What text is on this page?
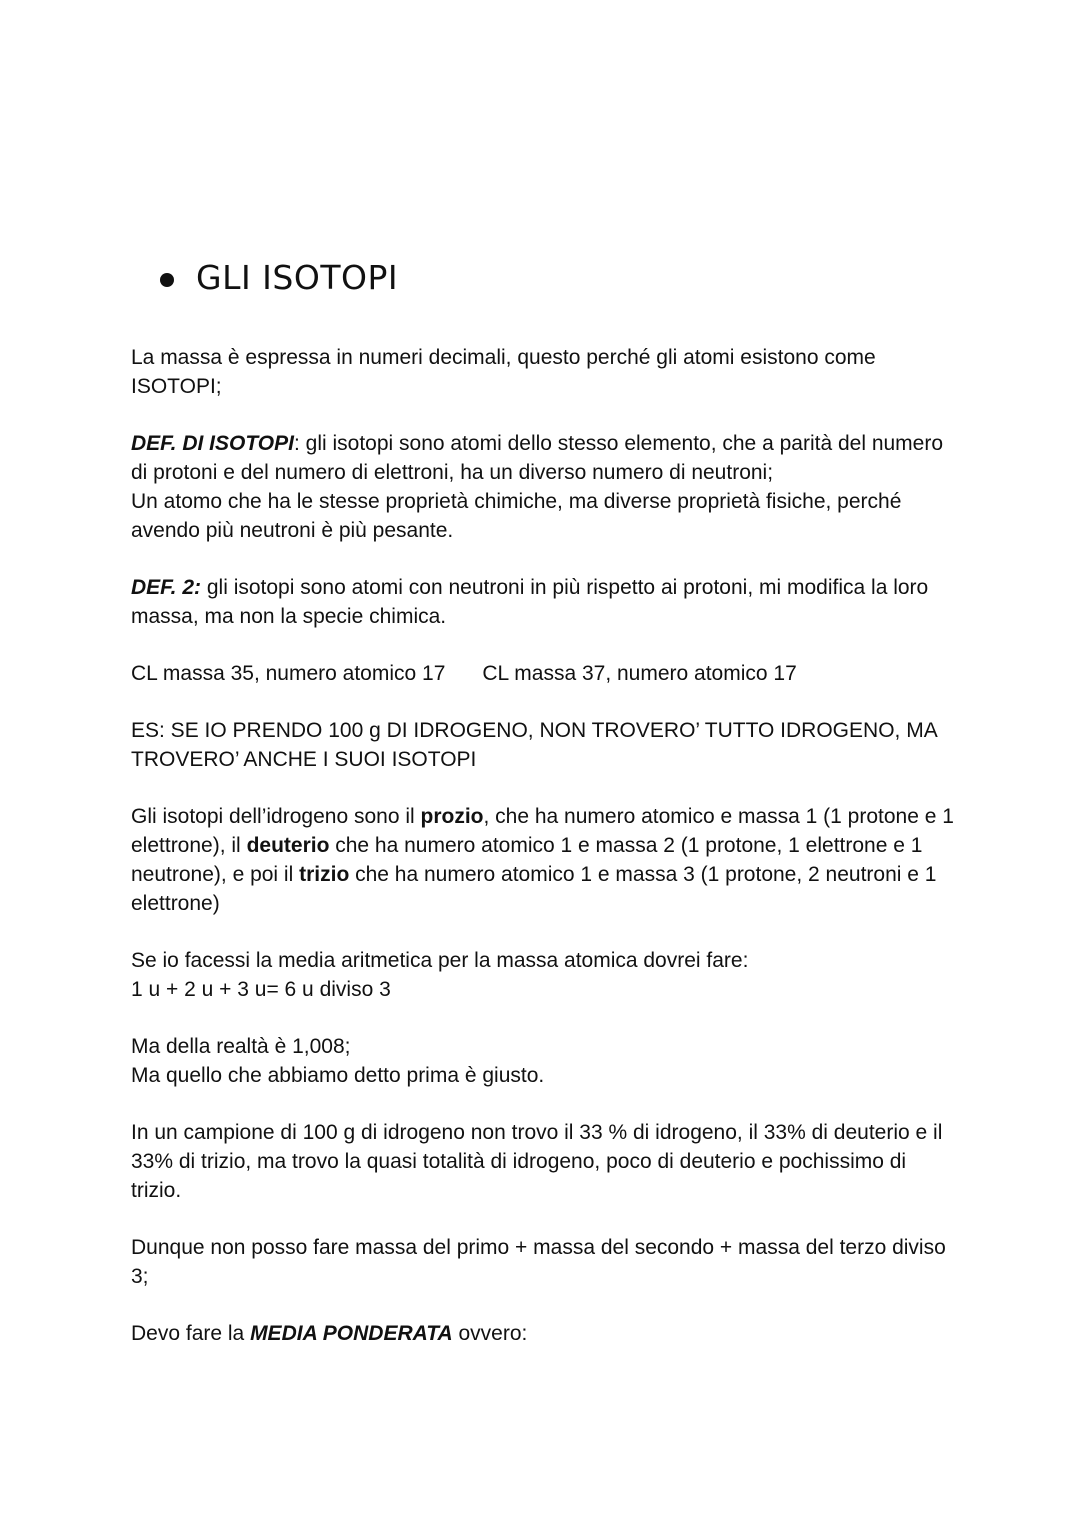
GLI ISOTOPI

La massa è espressa in numeri decimali, questo perché gli atomi esistono come ISOTOPI;

DEF. DI ISOTOPI: gli isotopi sono atomi dello stesso elemento, che a parità del numero di protoni e del numero di elettroni, ha un diverso numero di neutroni;
Un atomo che ha le stesse proprietà chimiche, ma diverse proprietà fisiche, perché avendo più neutroni è più pesante.

DEF. 2: gli isotopi sono atomi con neutroni in più rispetto ai protoni, mi modifica la loro massa, ma non la specie chimica.

CL massa 35, numero atomico 17 CL massa 37, numero atomico 17

ES: SE IO PRENDO 100 g DI IDROGENO, NON TROVERO’ TUTTO IDROGENO, MA TROVERO’ ANCHE I SUOI ISOTOPI

Gli isotopi dell’idrogeno sono il prozio, che ha numero atomico e massa 1 (1 protone e 1 elettrone), il deuterio che ha numero atomico 1 e massa 2 (1 protone, 1 elettrone e 1 neutrone), e poi il trizio che ha numero atomico 1 e massa 3 (1 protone, 2 neutroni e 1 elettrone)

Se io facessi la media aritmetica per la massa atomica dovrei fare:
1 u + 2 u + 3 u= 6 u diviso 3

Ma della realtà è 1,008;
Ma quello che abbiamo detto prima è giusto.

In un campione di 100 g di idrogeno non trovo il 33 % di idrogeno, il 33% di deuterio e il 33% di trizio, ma trovo la quasi totalità di idrogeno, poco di deuterio e pochissimo di trizio.

Dunque non posso fare massa del primo + massa del secondo + massa del terzo diviso 3;

Devo fare la MEDIA PONDERATA ovvero:
